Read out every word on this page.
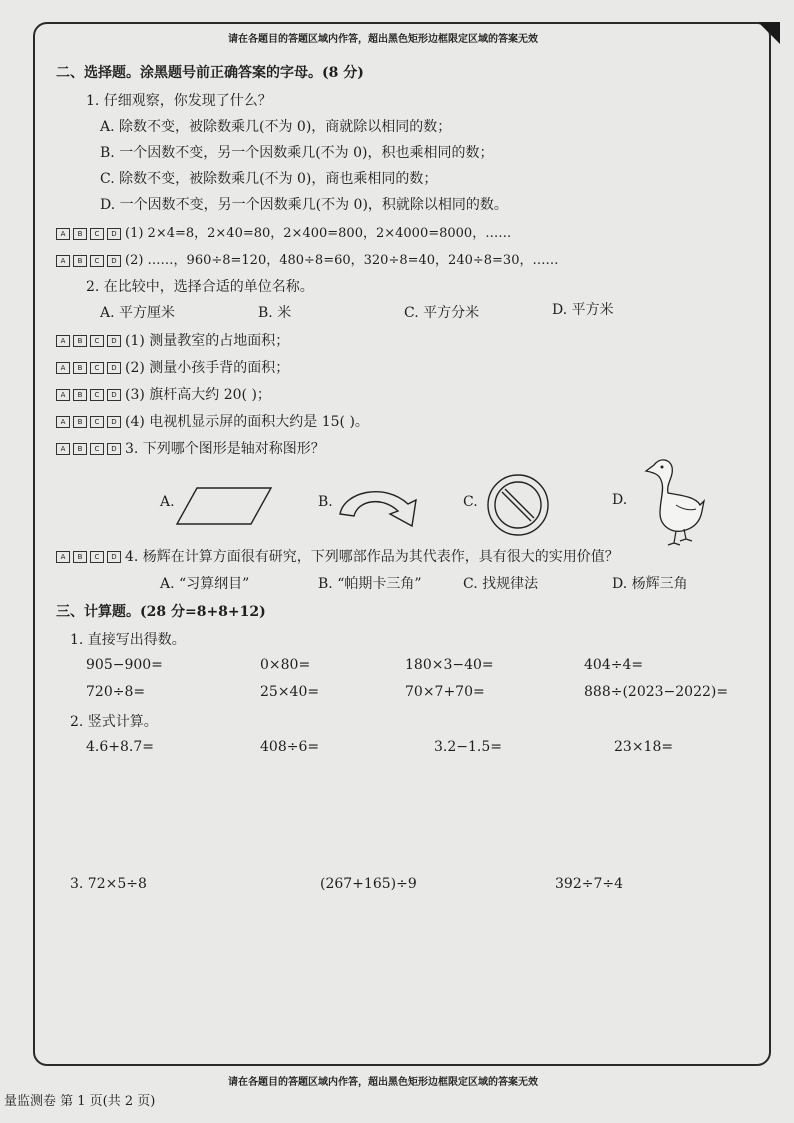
请在各题目的答题区域内作答，超出黑色矩形边框限定区域的答案无效
二、选择题。涂黑题号前正确答案的字母。(8 分)
1. 仔细观察，你发现了什么？
A. 除数不变，被除数乘几(不为 0)，商就除以相同的数；
B. 一个因数不变，另一个因数乘几(不为 0)，积也乘相同的数；
C. 除数不变，被除数乘几(不为 0)，商也乘相同的数；
D. 一个因数不变，另一个因数乘几(不为 0)，积就除以相同的数。
A	B	C	D (1) 2×4=8，2×40=80，2×400=800，2×4000=8000，……
A	B	C	D (2) ……，960÷8=120，480÷8=60，320÷8=40，240÷8=30，……
2. 在比较中，选择合适的单位名称。
A. 平方厘米	B. 米	C. 平方分米	D. 平方米
A	B	C	D (1) 测量教室的占地面积；
A	B	C	D (2) 测量小孩手背的面积；
A	B	C	D (3) 旗杆高大约 20( )；
A	B	C	D (4) 电视机显示屏的面积大约是 15( )。
A	B	C	D 3. 下列哪个图形是轴对称图形？
A.	B.	C.	D.
A	B	C	D 4. 杨辉在计算方面很有研究，下列哪部作品为其代表作，具有很大的实用价值？
A. “习算纲目”	B. “帕期卡三角”	C. 找规律法	D. 杨辉三角
三、计算题。(28 分=8+8+12)
1. 直接写出得数。
905−900=	0×80=	180×3−40=	404÷4=
720÷8=	25×40=	70×7+70=	888÷(2023−2022)=
2. 竖式计算。
4.6+8.7=	408÷6=	3.2−1.5=	23×18=
3. 72×5÷8	(267+165)÷9	392÷7÷4
请在各题目的答题区域内作答，超出黑色矩形边框限定区域的答案无效
量监测卷 第 1 页(共 2 页)
